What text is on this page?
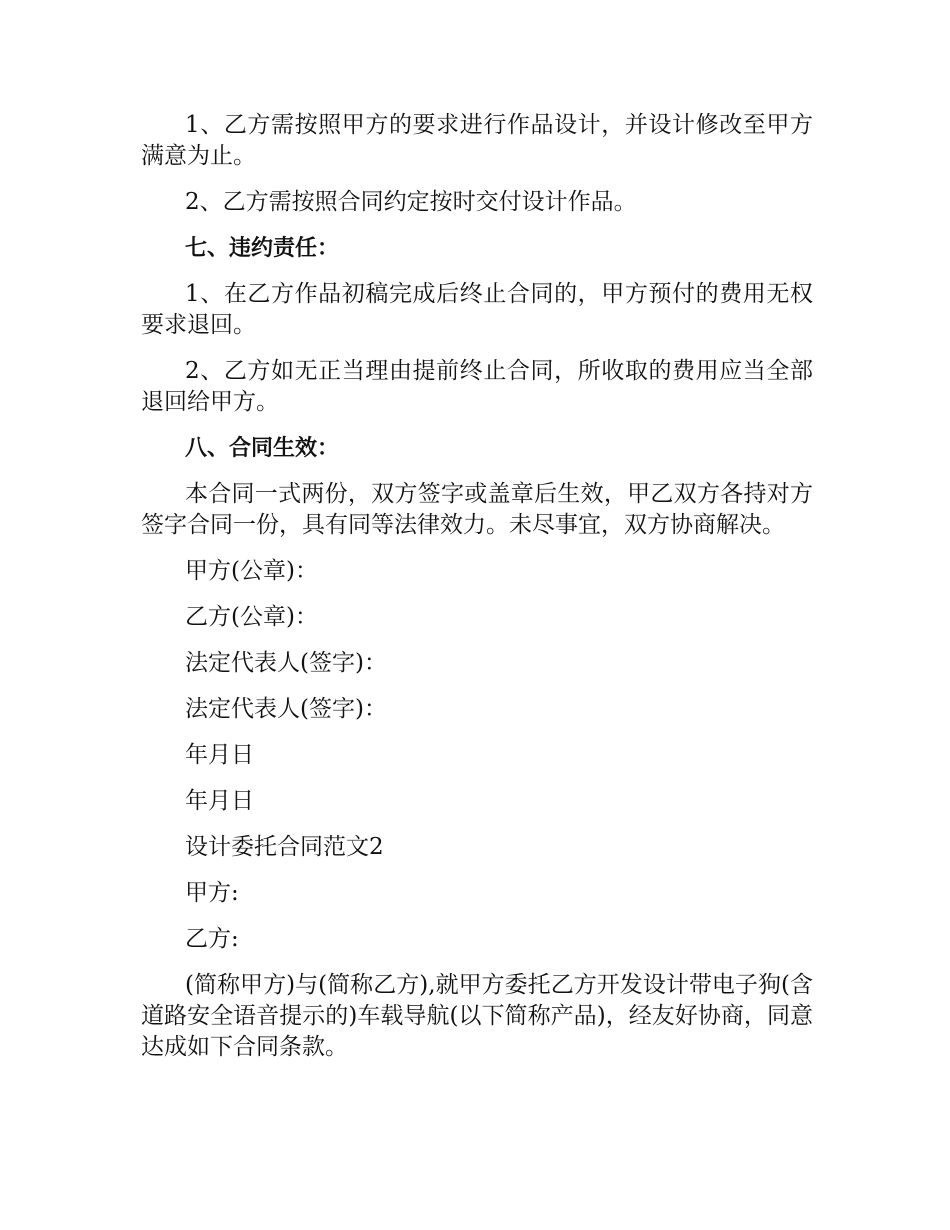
1、乙方需按照甲方的要求进行作品设计，并设计修改至甲方满意为止。

2、乙方需按照合同约定按时交付设计作品。

七、违约责任：

1、在乙方作品初稿完成后终止合同的，甲方预付的费用无权要求退回。

2、乙方如无正当理由提前终止合同，所收取的费用应当全部退回给甲方。

八、合同生效：

本合同一式两份，双方签字或盖章后生效，甲乙双方各持对方签字合同一份，具有同等法律效力。未尽事宜，双方协商解决。

甲方(公章)：

乙方(公章)：

法定代表人(签字)：

法定代表人(签字)：

年月日

年月日

设计委托合同范文2

甲方:

乙方:

(简称甲方)与(简称乙方),就甲方委托乙方开发设计带电子狗(含道路安全语音提示的)车载导航(以下简称产品)，经友好协商，同意达成如下合同条款。
